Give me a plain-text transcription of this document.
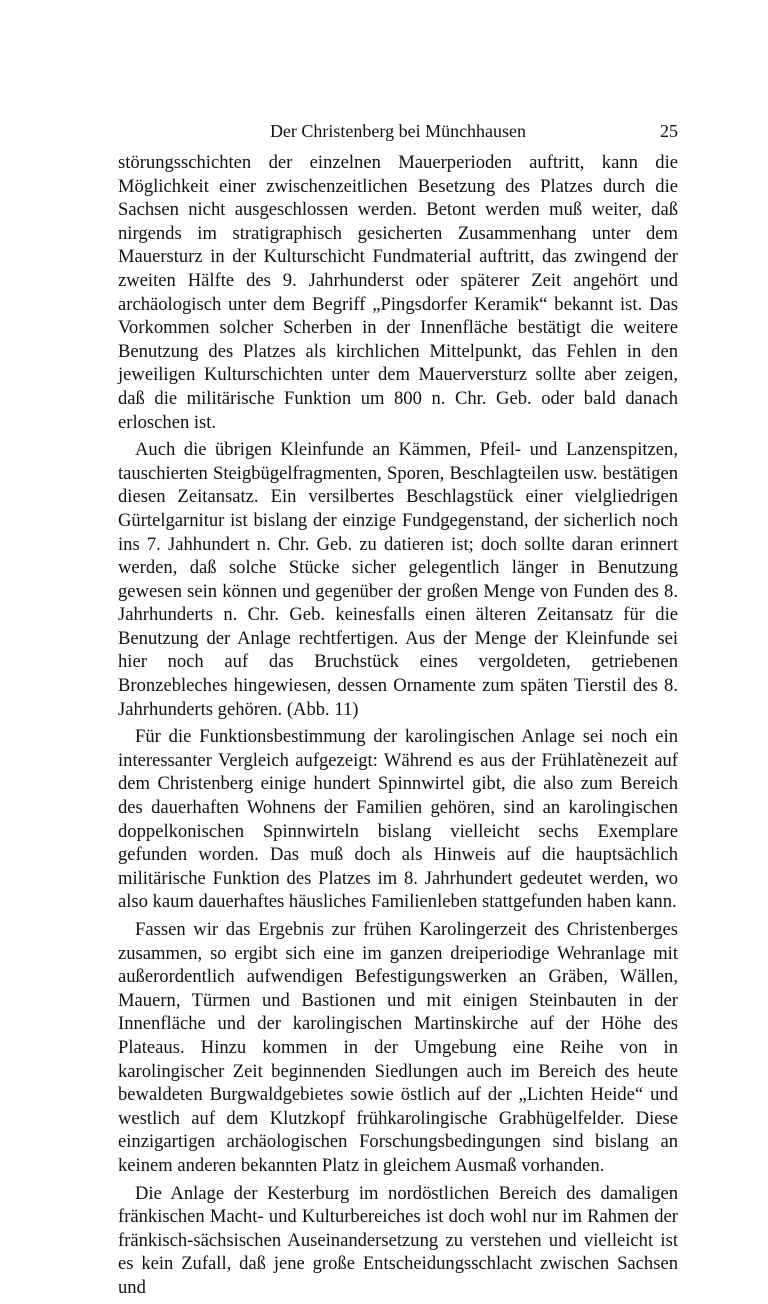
Der Christenberg bei Münchhausen	25

störungsschichten der einzelnen Mauerperioden auftritt, kann die Möglichkeit einer zwischenzeitlichen Besetzung des Platzes durch die Sachsen nicht ausgeschlossen werden. Betont werden muß weiter, daß nirgends im stratigraphisch gesicherten Zusammenhang unter dem Mauersturz in der Kulturschicht Fundmaterial auftritt, das zwingend der zweiten Hälfte des 9. Jahrhunderst oder späterer Zeit angehört und archäologisch unter dem Begriff „Pingsdorfer Keramik“ bekannt ist. Das Vorkommen solcher Scherben in der Innenfläche bestätigt die weitere Benutzung des Platzes als kirchlichen Mittelpunkt, das Fehlen in den jeweiligen Kulturschichten unter dem Mauerversturz sollte aber zeigen, daß die militärische Funktion um 800 n. Chr. Geb. oder bald danach erloschen ist.

Auch die übrigen Kleinfunde an Kämmen, Pfeil- und Lanzenspitzen, tauschierten Steigbügelfragmenten, Sporen, Beschlagteilen usw. bestätigen diesen Zeitansatz. Ein versilbertes Beschlagstück einer vielgliedrigen Gürtelgarnitur ist bislang der einzige Fundgegenstand, der sicherlich noch ins 7. Jahhundert n. Chr. Geb. zu datieren ist; doch sollte daran erinnert werden, daß solche Stücke sicher gelegentlich länger in Benutzung gewesen sein können und gegenüber der großen Menge von Funden des 8. Jahrhunderts n. Chr. Geb. keinesfalls einen älteren Zeitansatz für die Benutzung der Anlage rechtfertigen. Aus der Menge der Kleinfunde sei hier noch auf das Bruchstück eines vergoldeten, getriebenen Bronzebleches hingewiesen, dessen Ornamente zum späten Tierstil des 8. Jahrhunderts gehören. (Abb. 11)

Für die Funktionsbestimmung der karolingischen Anlage sei noch ein interessanter Vergleich aufgezeigt: Während es aus der Frühlatènezeit auf dem Christenberg einige hundert Spinnwirtel gibt, die also zum Bereich des dauerhaften Wohnens der Familien gehören, sind an karolingischen doppelkonischen Spinnwirteln bislang vielleicht sechs Exemplare gefunden worden. Das muß doch als Hinweis auf die hauptsächlich militärische Funktion des Platzes im 8. Jahrhundert gedeutet werden, wo also kaum dauerhaftes häusliches Familienleben stattgefunden haben kann.

Fassen wir das Ergebnis zur frühen Karolingerzeit des Christenberges zusammen, so ergibt sich eine im ganzen dreiperiodige Wehranlage mit außerordentlich aufwendigen Befestigungswerken an Gräben, Wällen, Mauern, Türmen und Bastionen und mit einigen Steinbauten in der Innenfläche und der karolingischen Martinskirche auf der Höhe des Plateaus. Hinzu kommen in der Umgebung eine Reihe von in karolingischer Zeit beginnenden Siedlungen auch im Bereich des heute bewaldeten Burgwaldgebietes sowie östlich auf der „Lichten Heide“ und westlich auf dem Klutzkopf frühkarolingische Grabhügelfelder. Diese einzigartigen archäologischen Forschungsbedingungen sind bislang an keinem anderen bekannten Platz in gleichem Ausmaß vorhanden.

Die Anlage der Kesterburg im nordöstlichen Bereich des damaligen fränkischen Macht- und Kulturbereiches ist doch wohl nur im Rahmen der fränkisch-sächsischen Auseinandersetzung zu verstehen und vielleicht ist es kein Zufall, daß jene große Entscheidungsschlacht zwischen Sachsen und
